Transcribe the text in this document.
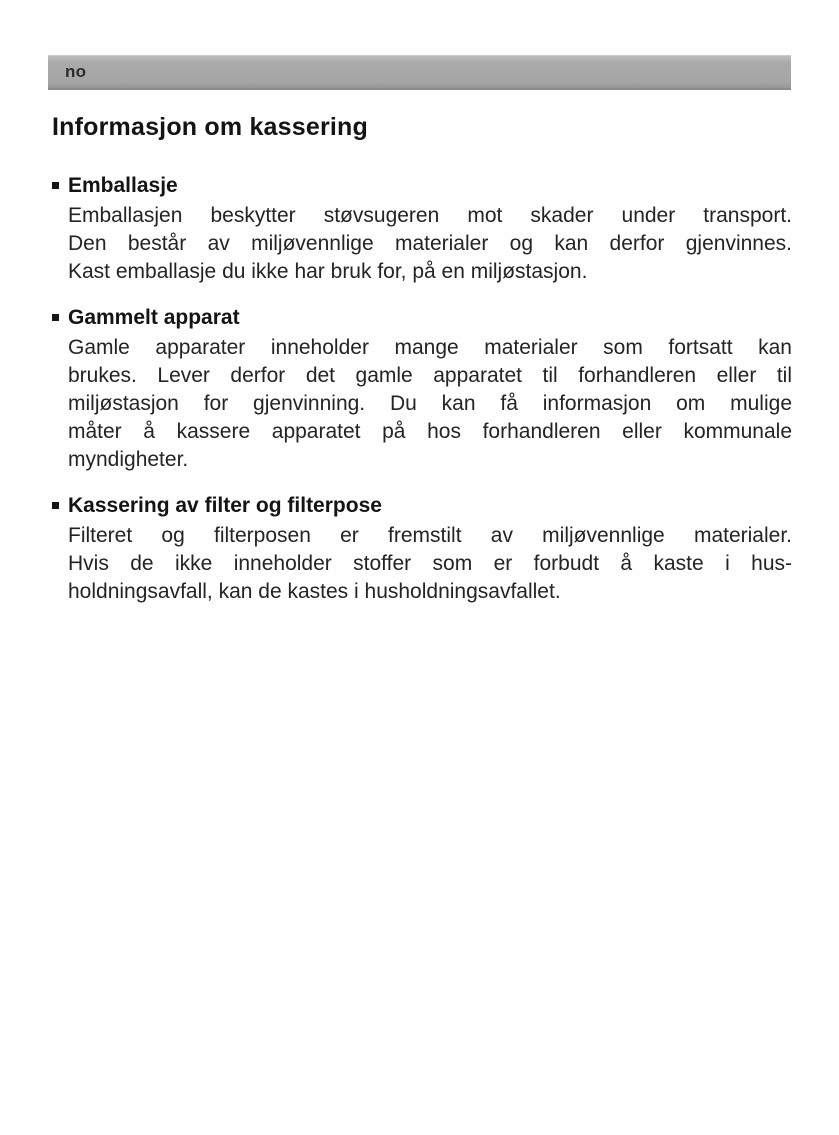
no
Informasjon om kassering
Emballasje
Emballasjen beskytter støvsugeren mot skader under transport.
Den består av miljøvennlige materialer og kan derfor gjenvinnes.
Kast emballasje du ikke har bruk for, på en miljøstasjon.
Gammelt apparat
Gamle apparater inneholder mange materialer som fortsatt kan
brukes. Lever derfor det gamle apparatet til forhandleren eller til
miljøstasjon for gjenvinning. Du kan få informasjon om mulige
måter å kassere apparatet på hos forhandleren eller kommunale
myndigheter.
Kassering av filter og filterpose
Filteret og filterposen er fremstilt av miljøvennlige materialer.
Hvis de ikke inneholder stoffer som er forbudt å kaste i hus-
holdningsavfall, kan de kastes i husholdningsavfallet.
